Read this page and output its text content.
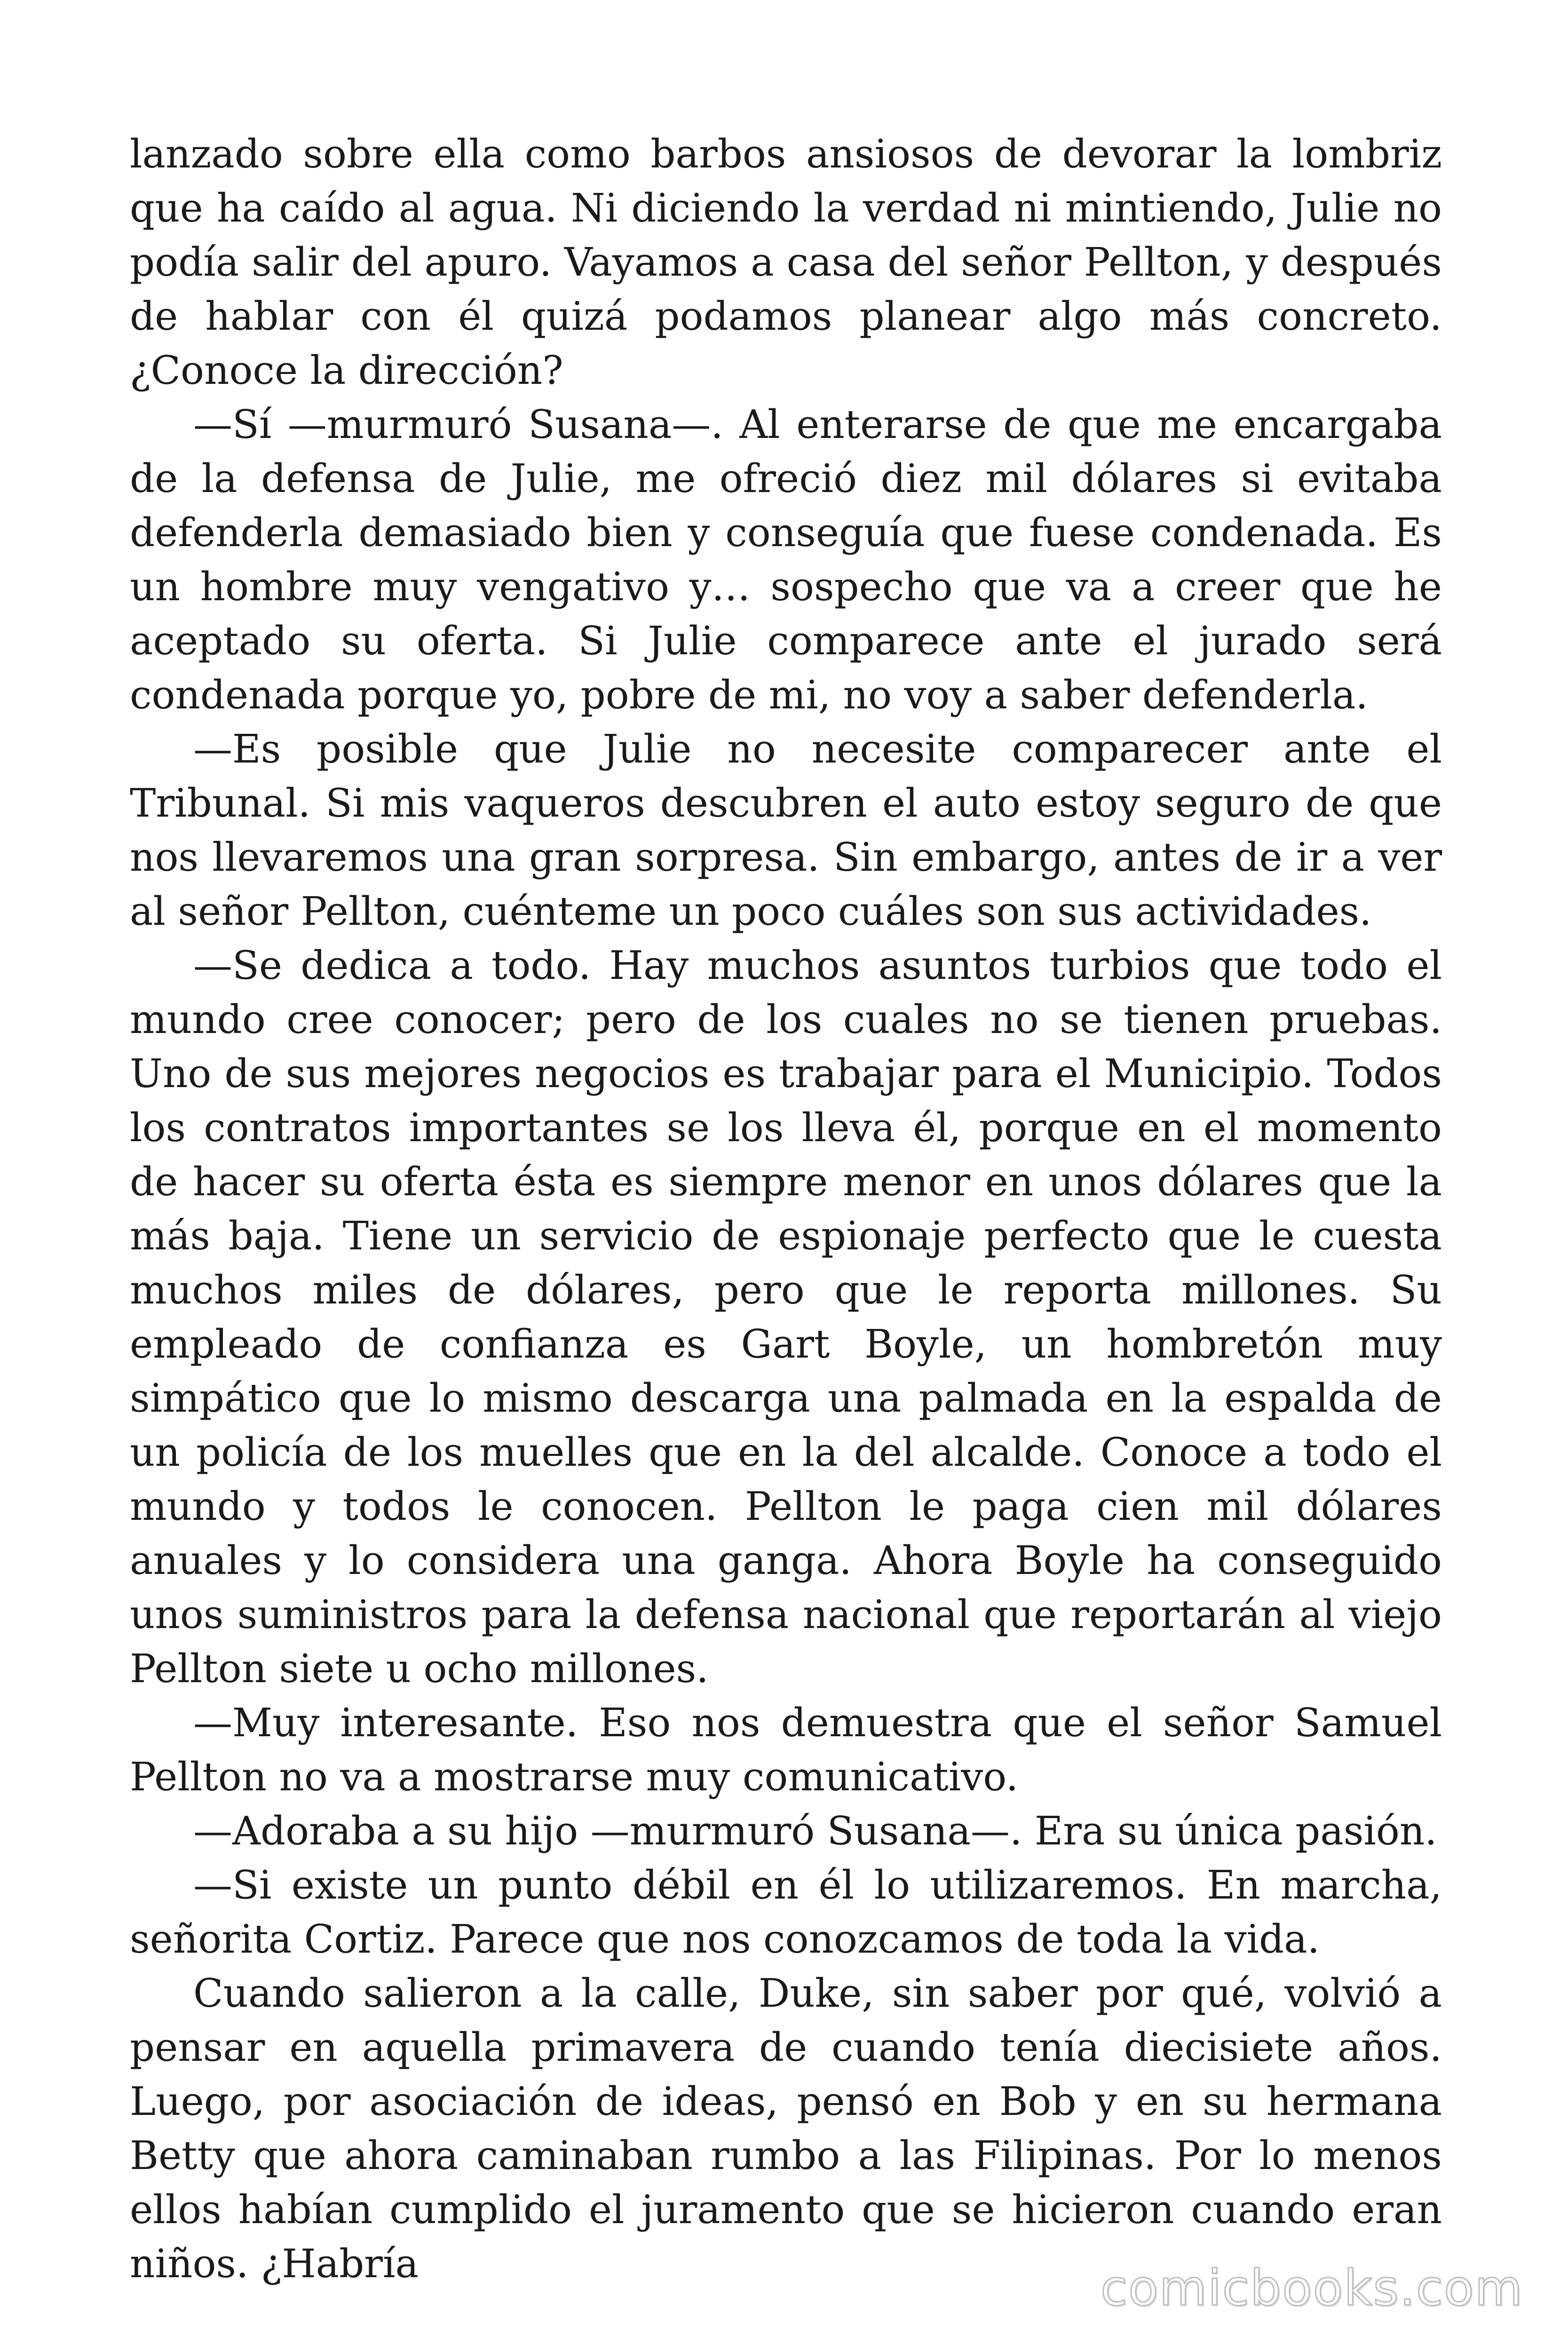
lanzado sobre ella como barbos ansiosos de devorar la lombriz que ha caído al agua. Ni diciendo la verdad ni mintiendo, Julie no podía salir del apuro. Vayamos a casa del señor Pellton, y después de hablar con él quizá podamos planear algo más concreto. ¿Conoce la dirección?

—Sí —murmuró Susana—. Al enterarse de que me encargaba de la defensa de Julie, me ofreció diez mil dólares si evitaba defenderla demasiado bien y conseguía que fuese condenada. Es un hombre muy vengativo y… sospecho que va a creer que he aceptado su oferta. Si Julie comparece ante el jurado será condenada porque yo, pobre de mi, no voy a saber defenderla.

—Es posible que Julie no necesite comparecer ante el Tribunal. Si mis vaqueros descubren el auto estoy seguro de que nos llevaremos una gran sorpresa. Sin embargo, antes de ir a ver al señor Pellton, cuénteme un poco cuáles son sus actividades.

—Se dedica a todo. Hay muchos asuntos turbios que todo el mundo cree conocer; pero de los cuales no se tienen pruebas. Uno de sus mejores negocios es trabajar para el Municipio. Todos los contratos importantes se los lleva él, porque en el momento de hacer su oferta ésta es siempre menor en unos dólares que la más baja. Tiene un servicio de espionaje perfecto que le cuesta muchos miles de dólares, pero que le reporta millones. Su empleado de confianza es Gart Boyle, un hombretón muy simpático que lo mismo descarga una palmada en la espalda de un policía de los muelles que en la del alcalde. Conoce a todo el mundo y todos le conocen. Pellton le paga cien mil dólares anuales y lo considera una ganga. Ahora Boyle ha conseguido unos suministros para la defensa nacional que reportarán al viejo Pellton siete u ocho millones.

—Muy interesante. Eso nos demuestra que el señor Samuel Pellton no va a mostrarse muy comunicativo.

—Adoraba a su hijo —murmuró Susana—. Era su única pasión.

—Si existe un punto débil en él lo utilizaremos. En marcha, señorita Cortiz. Parece que nos conozcamos de toda la vida.

Cuando salieron a la calle, Duke, sin saber por qué, volvió a pensar en aquella primavera de cuando tenía diecisiete años. Luego, por asociación de ideas, pensó en Bob y en su hermana Betty que ahora caminaban rumbo a las Filipinas. Por lo menos ellos habían cumplido el juramento que se hicieron cuando eran niños. ¿Habría	comicbooks.com
